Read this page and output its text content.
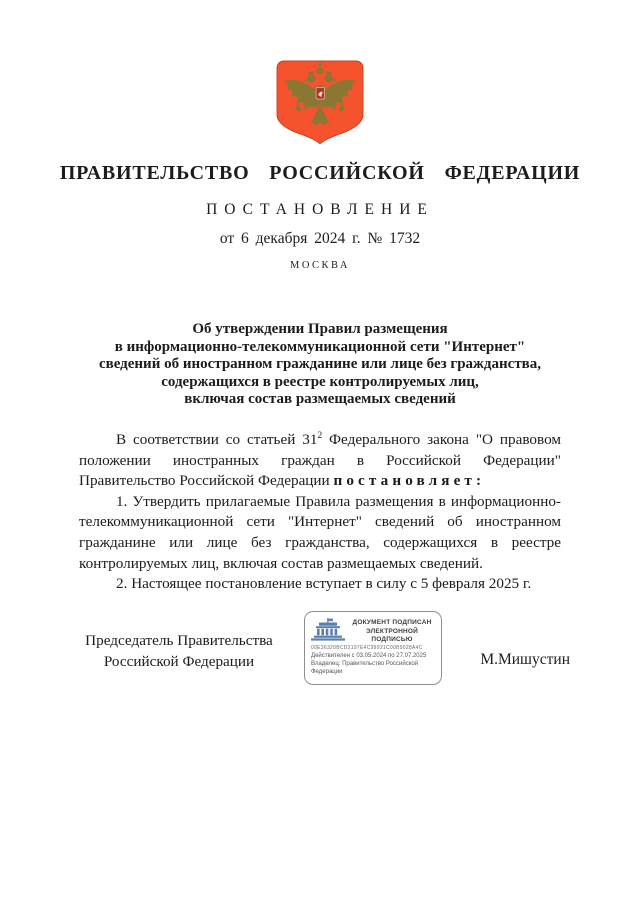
ПРАВИТЕЛЬСТВО РОССИЙСКОЙ ФЕДЕРАЦИИ
ПОСТАНОВЛЕНИЕ
от 6 декабря 2024 г. № 1732
МОСКВА
Об утверждении Правил размещения
в информационно-телекоммуникационной сети "Интернет"
сведений об иностранном гражданине или лице без гражданства,
содержащихся в реестре контролируемых лиц,
включая состав размещаемых сведений

В соответствии со статьей $31^2$ Федерального закона "О правовом положении иностранных граждан в Российской Федерации" Правительство Российской Федерации постановляет:

1. Утвердить прилагаемые Правила размещения в информационно-телекоммуникационной сети "Интернет" сведений об иностранном гражданине или лице без гражданства, содержащихся в реестре контролируемых лиц, включая состав размещаемых сведений.

2. Настоящее постановление вступает в силу с 5 февраля 2025 г.

Председатель Правительства
Российской Федерации
ДОКУМЕНТ ПОДПИСАН
ЭЛЕКТРОННОЙ ПОДПИСЬЮ
00E36320BCD2197E4C99921C00B9028A4C
Действителен с 03.05.2024 по 27.07.2025
Владелец: Правительство Российской
Федерации
М.Мишустин
